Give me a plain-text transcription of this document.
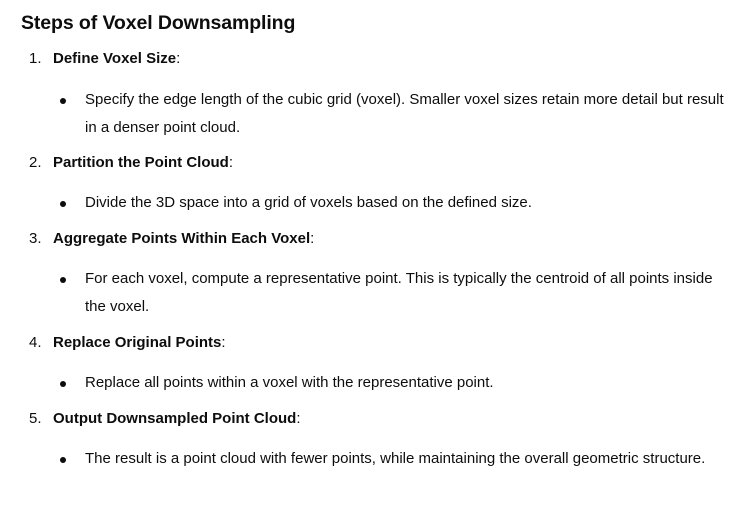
Steps of Voxel Downsampling
1. Define Voxel Size:
Specify the edge length of the cubic grid (voxel). Smaller voxel sizes retain more detail but result in a denser point cloud.
2. Partition the Point Cloud:
Divide the 3D space into a grid of voxels based on the defined size.
3. Aggregate Points Within Each Voxel:
For each voxel, compute a representative point. This is typically the centroid of all points inside the voxel.
4. Replace Original Points:
Replace all points within a voxel with the representative point.
5. Output Downsampled Point Cloud:
The result is a point cloud with fewer points, while maintaining the overall geometric structure.
